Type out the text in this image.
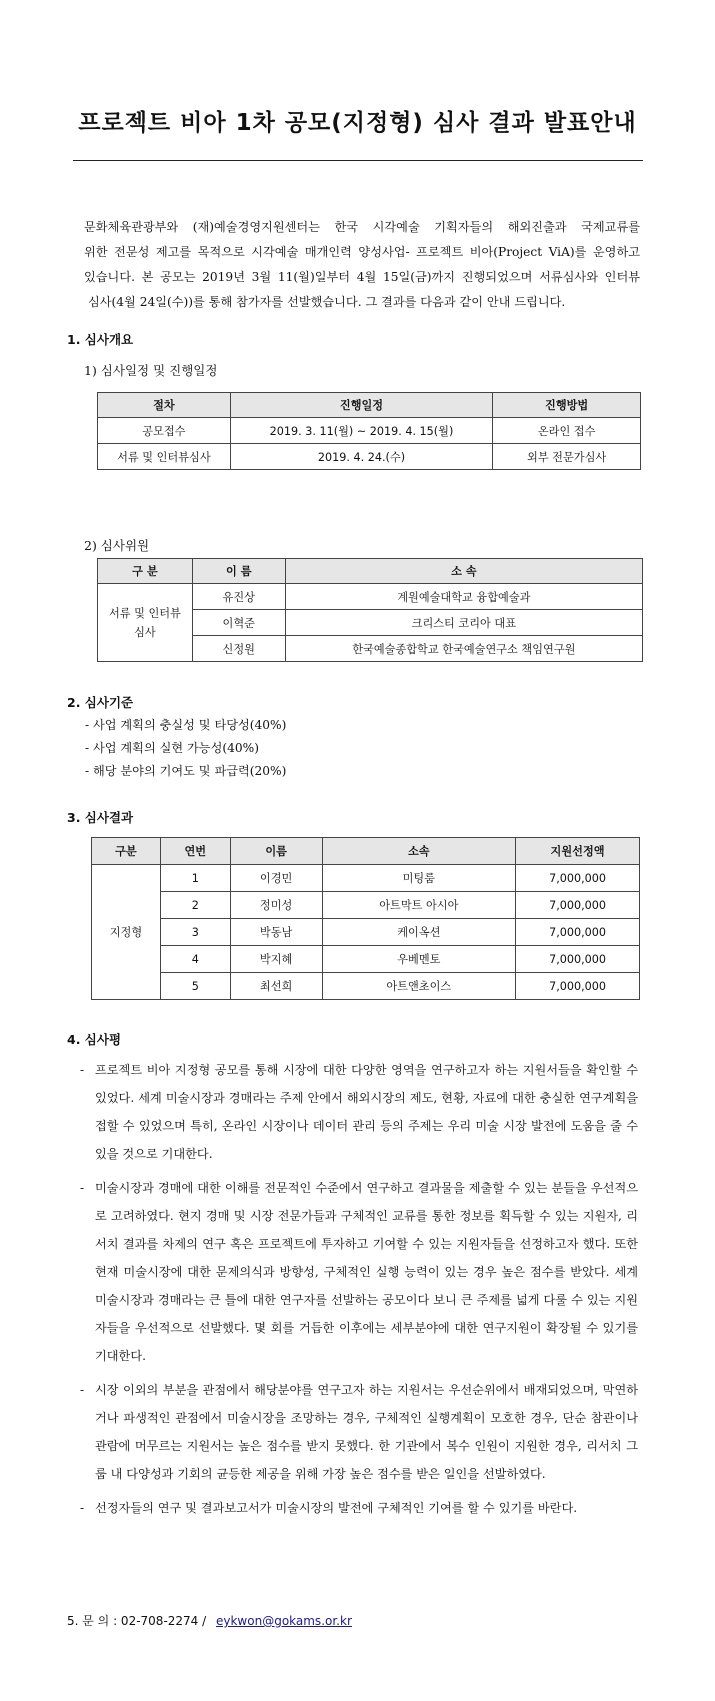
프로젝트 비아 1차 공모(지정형) 심사 결과 발표안내

문화체육관광부와 (재)예술경영지원센터는 한국 시각예술 기획자들의 해외진출과 국제교류를

위한 전문성 제고를 목적으로 시각예술 매개인력 양성사업- 프로젝트 비아(Project ViA)를 운영하고

있습니다. 본 공모는 2019년 3월 11(월)일부터 4월 15일(금)까지 진행되었으며 서류심사와 인터뷰

심사(4월 24일(수))를 통해 참가자를 선발했습니다. 그 결과를 다음과 같이 안내 드립니다.

1. 심사개요
1) 심사일정 및 진행일정
절차	진행일정	진행방법
공모접수	2019. 3. 11(월) ~ 2019. 4. 15(월)	온라인 접수
서류 및 인터뷰심사	2019. 4. 24.(수)	외부 전문가심사
2) 심사위원
구 분	이 름	소 속
서류 및 인터뷰 심사	유진상	계원예술대학교 융합예술과
	이혁준	크리스티 코리아 대표
	신정원	한국예술종합학교 한국예술연구소 책임연구원
2. 심사기준
- 사업 계획의 충실성 및 타당성(40%)
- 사업 계획의 실현 가능성(40%)
- 해당 분야의 기여도 및 파급력(20%)
3. 심사결과
구분	연번	이름	소속	지원선정액
지정형	1	이경민	미팅룸	7,000,000
	2	정미성	아트막트 아시아	7,000,000
	3	박동남	케이옥션	7,000,000
	4	박지혜	우베멘토	7,000,000
	5	최선희	아트앤초이스	7,000,000
4. 심사평
- 프로젝트 비아 지정형 공모를 통해 시장에 대한 다양한 영역을 연구하고자 하는 지원서들을 확인할 수 있었다. 세계 미술시장과 경매라는 주제 안에서 해외시장의 제도, 현황, 자료에 대한 충실한 연구계획을 접할 수 있었으며 특히, 온라인 시장이나 데이터 관리 등의 주제는 우리 미술 시장 발전에 도움을 줄 수 있을 것으로 기대한다.
- 미술시장과 경매에 대한 이해를 전문적인 수준에서 연구하고 결과물을 제출할 수 있는 분들을 우선적으로 고려하였다. 현지 경매 및 시장 전문가들과 구체적인 교류를 통한 정보를 획득할 수 있는 지원자, 리서치 결과를 차제의 연구 혹은 프로젝트에 투자하고 기여할 수 있는 지원자들을 선정하고자 했다. 또한 현재 미술시장에 대한 문제의식과 방향성, 구체적인 실행 능력이 있는 경우 높은 점수를 받았다. 세계 미술시장과 경매라는 큰 틀에 대한 연구자를 선발하는 공모이다 보니 큰 주제를 넓게 다룰 수 있는 지원자들을 우선적으로 선발했다. 몇 회를 거듭한 이후에는 세부분야에 대한 연구지원이 확장될 수 있기를 기대한다.
- 시장 이외의 부분을 관점에서 해당분야를 연구고자 하는 지원서는 우선순위에서 배재되었으며, 막연하거나 파생적인 관점에서 미술시장을 조망하는 경우, 구체적인 실행계획이 모호한 경우, 단순 참관이나 관람에 머무르는 지원서는 높은 점수를 받지 못했다. 한 기관에서 복수 인원이 지원한 경우, 리서치 그룹 내 다양성과 기회의 균등한 제공을 위해 가장 높은 점수를 받은 일인을 선발하였다.
- 선정자들의 연구 및 결과보고서가 미술시장의 발전에 구체적인 기여를 할 수 있기를 바란다.
5. 문 의 : 02-708-2274 / eykwon@gokams.or.kr
